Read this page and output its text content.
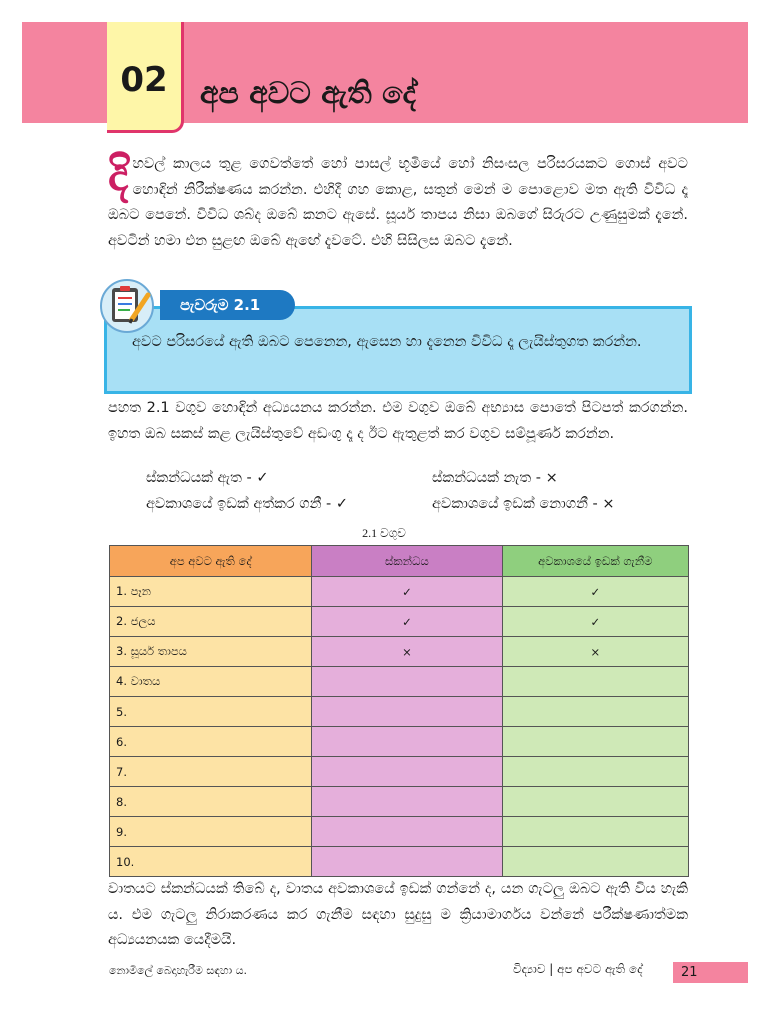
02 අප අවට ඇති දේ
දි හවල් කාලය තුළ ගෙවත්තේ හෝ පාසල් භූමියේ හෝ නිසංසල පරිසරයකට ගොස් අවට හොඳින් නිරීක්ෂණය කරන්න. එහිදී ගහ කොළ, සතුන් මෙන් ම පොළොව මත ඇති විවිධ දෑ ඔබට පෙනේ. විවිධ ශබ්ද ඔබේ කනට ඇසේ. සූර්ය තාපය නිසා ඔබගේ සිරුරට උණුසුමක් දැනේ. අවටින් හමා එන සුළඟ ඔබේ ඇඟේ දැවටේ. එහි සිසිලස ඔබට දැනේ.
පැවරුම 2.1
අවට පරිසරයේ ඇති ඔබට පෙනෙන, ඇසෙන හා දැනෙන විවිධ දෑ ලැයිස්තුගත කරන්න.
පහත 2.1 වගුව හොඳින් අධ්‍යයනය කරන්න. එම වගුව ඔබේ අභ්‍යාස පොතේ පිටපත් කරගන්න. ඉහත ඔබ සකස් කළ ලැයිස්තුවේ අඩංගු දෑ ද ඊට ඇතුළත් කර වගුව සම්පූර්ණ කරන්න.
ස්කන්ධයක් ඇත - ✓	ස්කන්ධයක් නැත - ×
අවකාශයේ ඉඩක් අත්කර ගනී - ✓	අවකාශයේ ඉඩක් නොගනී - ×
2.1 වගුව
අප අවට ඇති දේ	ස්කන්ධය	අවකාශයේ ඉඩක් ගැනීම
1. පෑන	✓	✓
2. ජලය	✓	✓
3. සූර්ය තාපය	×	×
4. වාතය		
5.		
6.		
7.		
8.		
9.		
10.		
වාතයට ස්කන්ධයක් තිබේ ද, වාතය අවකාශයේ ඉඩක් ගන්නේ ද, යන ගැටලු ඔබට ඇති විය හැකි ය. එම ගැටලු නිරාකරණය කර ගැනීම සඳහා සුදුසු ම ක්‍රියාමාර්ගය වන්නේ පරීක්ෂණාත්මක අධ්‍යයනයක යෙදීමයි.
නොමිලේ බෙදාහැරීම සඳහා ය.	විද්‍යාව | අප අවට ඇති දේ	21
